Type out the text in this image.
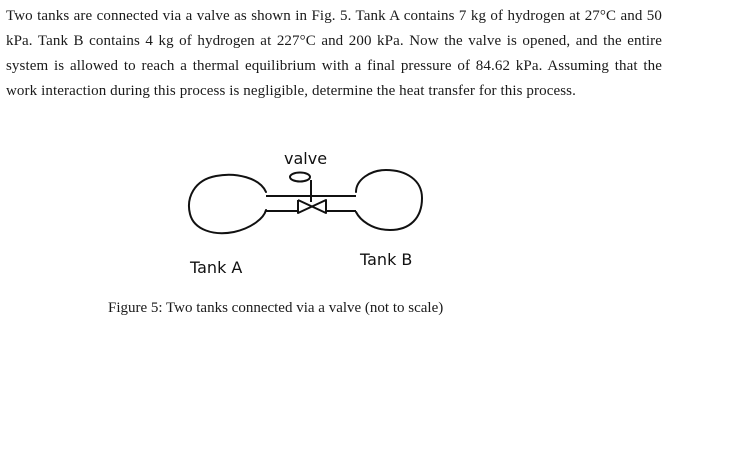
Two tanks are connected via a valve as shown in Fig. 5. Tank A contains 7 kg of hydrogen at 27°C and 50 kPa. Tank B contains 4 kg of hydrogen at 227°C and 200 kPa. Now the valve is opened, and the entire system is allowed to reach a thermal equilibrium with a final pressure of 84.62 kPa. Assuming that the work interaction during this process is negligible, determine the heat transfer for this process.

valve
Tank A	Tank B

Figure 5: Two tanks connected via a valve (not to scale)
